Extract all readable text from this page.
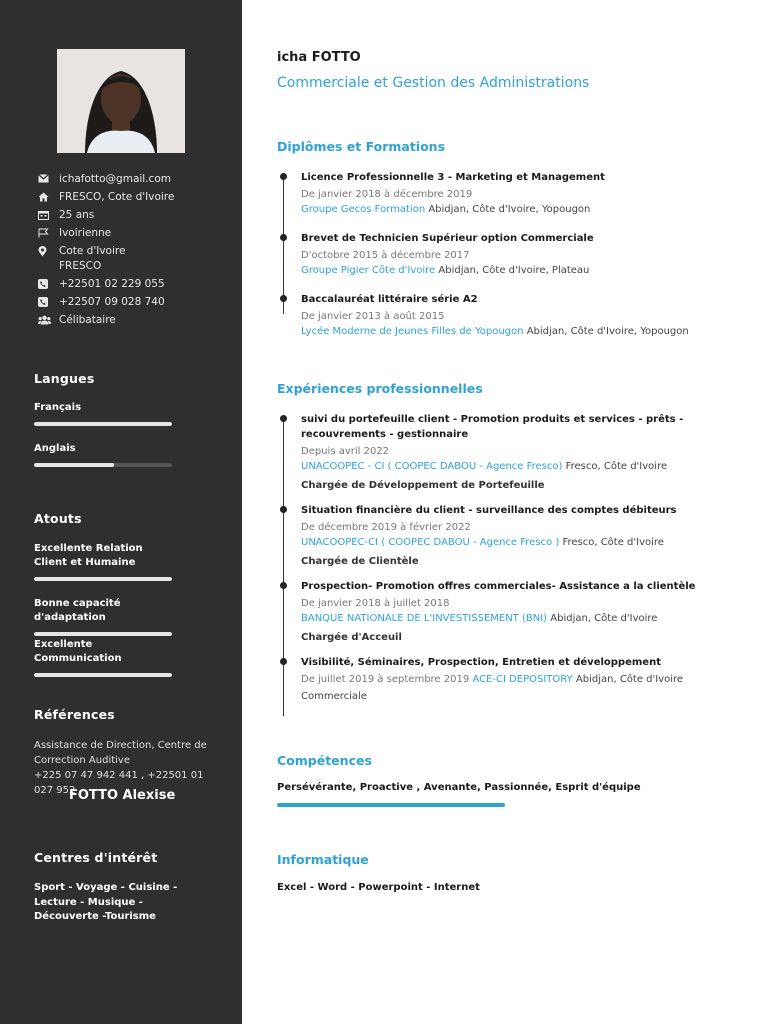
ichafotto@gmail.com
FRESCO, Cote d'Ivoire
25 ans
Ivoirienne
Cote d'Ivoire
FRESCO
+22501 02 229 055
+22507 09 028 740
Célibataire
Langues
Français
Anglais
Atouts
Excellente Relation Client et Humaine
Bonne capacité d'adaptation
Excellente Communication
Références
FOTTO Alexise
Assistance de Direction, Centre de Correction Auditive
+225 07 47 942 441 , +22501 01 027 952
Centres d'intérêt
Sport - Voyage - Cuisine - Lecture - Musique - Découverte -Tourisme
icha FOTTO
Commerciale et Gestion des Administrations
Diplômes et Formations
Licence Professionnelle 3 - Marketing et Management
De janvier 2018 à décembre 2019
Groupe Gecos Formation Abidjan, Côte d'Ivoire, Yopougon
Brevet de Technicien Supérieur option Commerciale
D'octobre 2015 à décembre 2017
Groupe Pigier Côte d'Ivoire Abidjan, Côte d'Ivoire, Plateau
Baccalauréat littéraire série A2
De janvier 2013 à août 2015
Lycée Moderne de Jeunes Filles de Yopougon Abidjan, Côte d'Ivoire, Yopougon
Expériences professionnelles
suivi du portefeuille client - Promotion produits et services - prêts - recouvrements - gestionnaire
Depuis avril 2022
UNACOOPEC - CI ( COOPEC DABOU - Agence Fresco) Fresco, Côte d'Ivoire
Chargée de Développement de Portefeuille
Situation financière du client - surveillance des comptes débiteurs
De décembre 2019 à février 2022
UNACOOPEC-CI ( COOPEC DABOU - Agence Fresco ) Fresco, Côte d'Ivoire
Chargée de Clientèle
Prospection- Promotion offres commerciales- Assistance a la clientèle
De janvier 2018 à juillet 2018
BANQUE NATIONALE DE L'INVESTISSEMENT (BNI) Abidjan, Côte d'Ivoire
Chargée d'Acceuil
Visibilité, Séminaires, Prospection, Entretien et développement
De juillet 2019 à septembre 2019 ACE-CI DEPOSITORY Abidjan, Côte d'Ivoire
Commerciale
Compétences
Persévérante, Proactive , Avenante, Passionnée, Esprit d'équipe
Informatique
Excel - Word - Powerpoint - Internet
